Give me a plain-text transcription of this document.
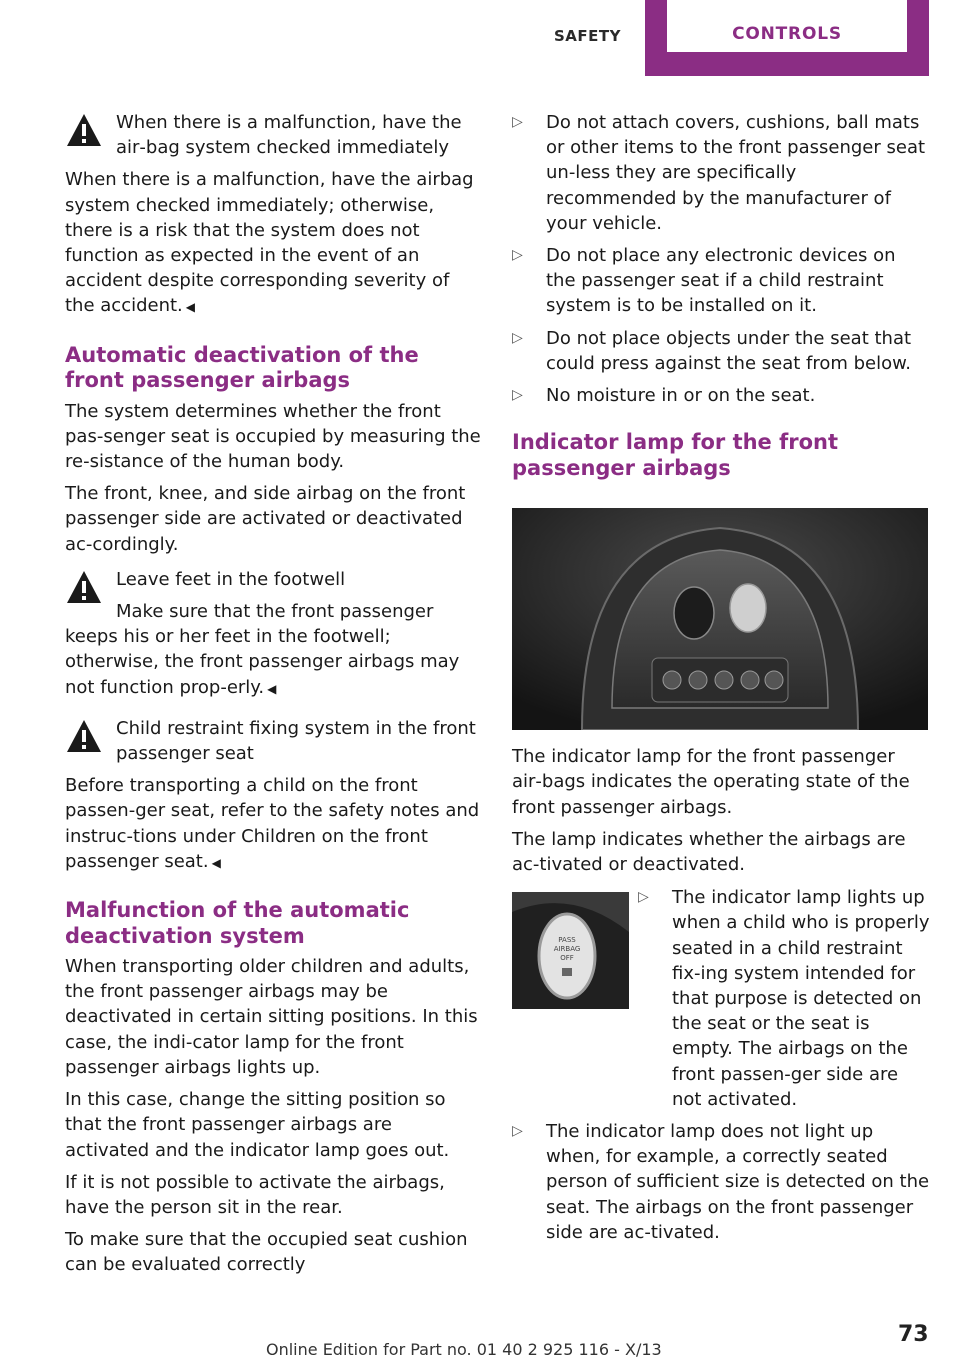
SAFETY	CONTROLS

When there is a malfunction, have the air‐bag system checked immediately

When there is a malfunction, have the airbag system checked immediately; otherwise, there is a risk that the system does not function as expected in the event of an accident despite corresponding severity of the accident. ◀

Automatic deactivation of the front passenger airbags

The system determines whether the front pas‐senger seat is occupied by measuring the re‐sistance of the human body.

The front, knee, and side airbag on the front passenger side are activated or deactivated ac‐cordingly.

Leave feet in the footwell

Make sure that the front passenger keeps his or her feet in the footwell; otherwise, the front passenger airbags may not function prop‐erly. ◀

Child restraint fixing system in the front passenger seat

Before transporting a child on the front passen‐ger seat, refer to the safety notes and instruc‐tions under Children on the front passenger seat. ◀

Malfunction of the automatic deactivation system

When transporting older children and adults, the front passenger airbags may be deactivated in certain sitting positions. In this case, the indi‐cator lamp for the front passenger airbags lights up.

In this case, change the sitting position so that the front passenger airbags are activated and the indicator lamp goes out.

If it is not possible to activate the airbags, have the person sit in the rear.

To make sure that the occupied seat cushion can be evaluated correctly

▷ Do not attach covers, cushions, ball mats or other items to the front passenger seat un‐less they are specifically recommended by the manufacturer of your vehicle.
▷ Do not place any electronic devices on the passenger seat if a child restraint system is to be installed on it.
▷ Do not place objects under the seat that could press against the seat from below.
▷ No moisture in or on the seat.
Indicator lamp for the front passenger airbags

The indicator lamp for the front passenger air‐bags indicates the operating state of the front passenger airbags.

The lamp indicates whether the airbags are ac‐tivated or deactivated.

PASS
AIRBAG
OFF
▷ The indicator lamp lights up when a child who is properly seated in a child restraint fix‐ing system intended for that purpose is detected on the seat or the seat is empty. The airbags on the front passen‐ger side are not activated.
▷ The indicator lamp does not light up when, for example, a correctly seated person of sufficient size is detected on the seat. The airbags on the front passenger side are ac‐tivated.
Online Edition for Part no. 01 40 2 925 116 - X/13
73
